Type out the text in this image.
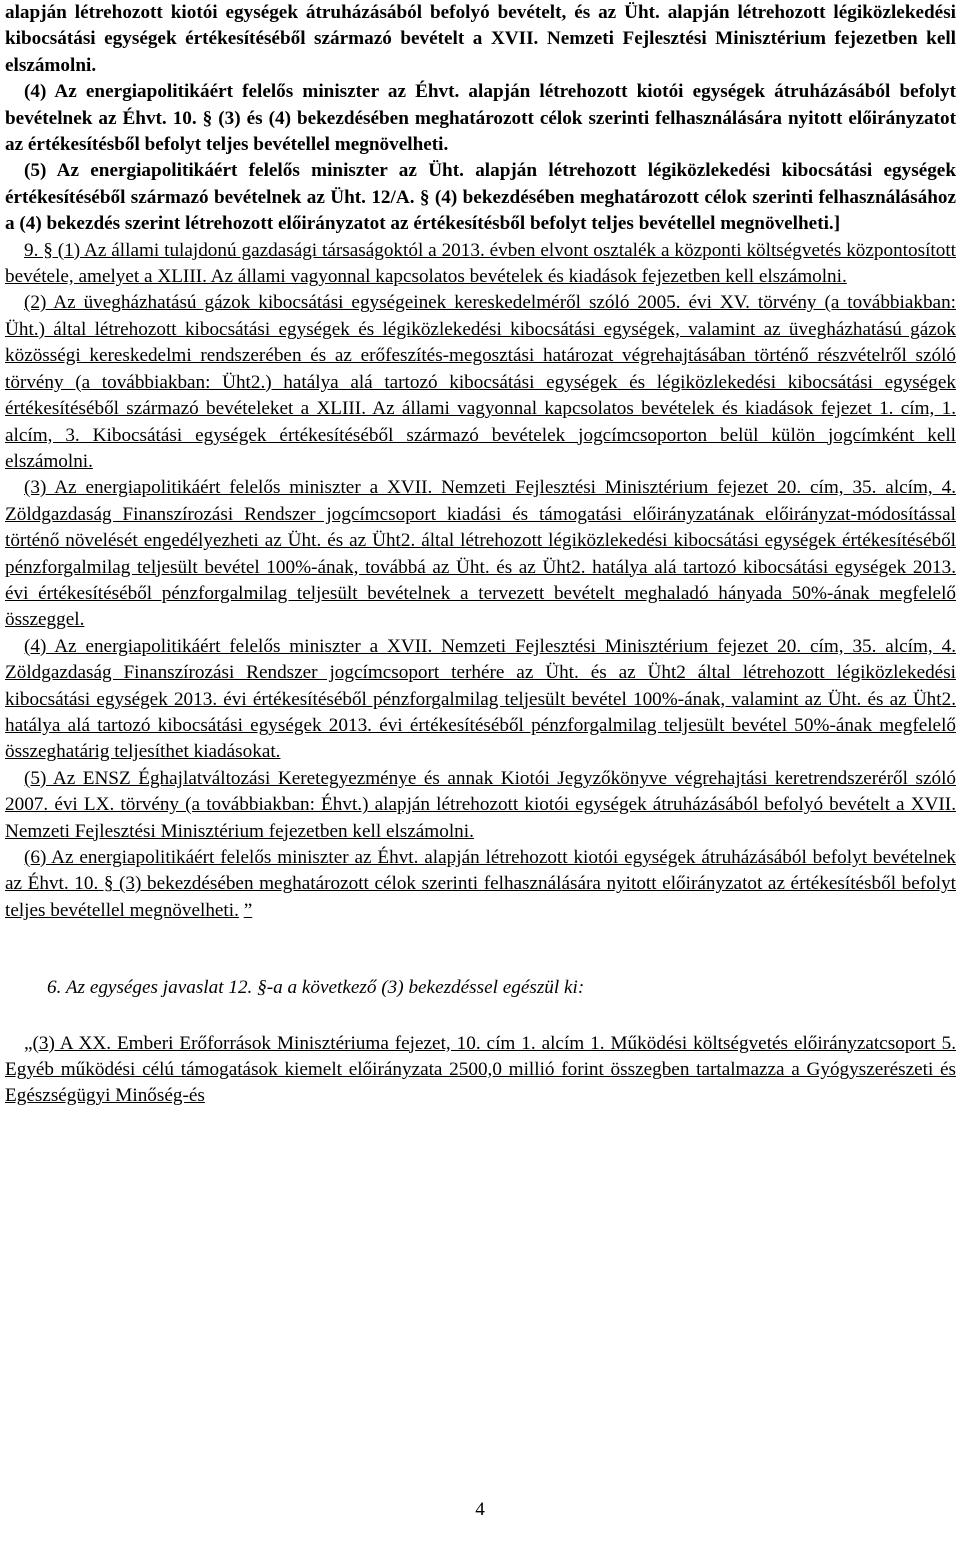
alapján létrehozott kiotói egységek átruházásából befolyó bevételt, és az Üht. alapján létrehozott légiközlekedési kibocsátási egységek értékesítéséből származó bevételt a XVII. Nemzeti Fejlesztési Minisztérium fejezetben kell elszámolni.

(4) Az energiapolitikáért felelős miniszter az Éhvt. alapján létrehozott kiotói egységek átruházásából befolyt bevételnek az Éhvt. 10. § (3) és (4) bekezdésében meghatározott célok szerinti felhasználására nyitott előirányzatot az értékesítésből befolyt teljes bevétellel megnövelheti.

(5) Az energiapolitikáért felelős miniszter az Üht. alapján létrehozott légiközlekedési kibocsátási egységek értékesítéséből származó bevételnek az Üht. 12/A. § (4) bekezdésében meghatározott célok szerinti felhasználásához a (4) bekezdés szerint létrehozott előirányzatot az értékesítésből befolyt teljes bevétellel megnövelheti.]

9. § (1) Az állami tulajdonú gazdasági társaságoktól a 2013. évben elvont osztalék a központi költségvetés központosított bevétele, amelyet a XLIII. Az állami vagyonnal kapcsolatos bevételek és kiadások fejezetben kell elszámolni.

(2) Az üvegházhatású gázok kibocsátási egységeinek kereskedelméről szóló 2005. évi XV. törvény (a továbbiakban: Üht.) által létrehozott kibocsátási egységek és légiközlekedési kibocsátási egységek, valamint az üvegházhatású gázok közösségi kereskedelmi rendszerében és az erőfeszítés-megosztási határozat végrehajtásában történő részvételről szóló törvény (a továbbiakban: Üht2.) hatálya alá tartozó kibocsátási egységek és légiközlekedési kibocsátási egységek értékesítéséből származó bevételeket a XLIII. Az állami vagyonnal kapcsolatos bevételek és kiadások fejezet 1. cím, 1. alcím, 3. Kibocsátási egységek értékesítéséből származó bevételek jogcímcsoporton belül külön jogcímként kell elszámolni.

(3) Az energiapolitikáért felelős miniszter a XVII. Nemzeti Fejlesztési Minisztérium fejezet 20. cím, 35. alcím, 4. Zöldgazdaság Finanszírozási Rendszer jogcímcsoport kiadási és támogatási előirányzatának előirányzat-módosítással történő növelését engedélyezheti az Üht. és az Üht2. által létrehozott légiközlekedési kibocsátási egységek értékesítéséből pénzforgalmilag teljesült bevétel 100%-ának, továbbá az Üht. és az Üht2. hatálya alá tartozó kibocsátási egységek 2013. évi értékesítéséből pénzforgalmilag teljesült bevételnek a tervezett bevételt meghaladó hányada 50%-ának megfelelő összeggel.

(4) Az energiapolitikáért felelős miniszter a XVII. Nemzeti Fejlesztési Minisztérium fejezet 20. cím, 35. alcím, 4. Zöldgazdaság Finanszírozási Rendszer jogcímcsoport terhére az Üht. és az Üht2 által létrehozott légiközlekedési kibocsátási egységek 2013. évi értékesítéséből pénzforgalmilag teljesült bevétel 100%-ának, valamint az Üht. és az Üht2. hatálya alá tartozó kibocsátási egységek 2013. évi értékesítéséből pénzforgalmilag teljesült bevétel 50%-ának megfelelő összeghatárig teljesíthet kiadásokat.

(5) Az ENSZ Éghajlatváltozási Keretegyezménye és annak Kiotói Jegyzőkönyve végrehajtási keretrendszeréről szóló 2007. évi LX. törvény (a továbbiakban: Éhvt.) alapján létrehozott kiotói egységek átruházásából befolyó bevételt a XVII. Nemzeti Fejlesztési Minisztérium fejezetben kell elszámolni.

(6) Az energiapolitikáért felelős miniszter az Éhvt. alapján létrehozott kiotói egységek átruházásából befolyt bevételnek az Éhvt. 10. § (3) bekezdésében meghatározott célok szerinti felhasználására nyitott előirányzatot az értékesítésből befolyt teljes bevétellel megnövelheti. ”

6. Az egységes javaslat 12. §-a a következő (3) bekezdéssel egészül ki:

„(3) A XX. Emberi Erőforrások Minisztériuma fejezet, 10. cím 1. alcím 1. Működési költségvetés előirányzatcsoport 5. Egyéb működési célú támogatások kiemelt előirányzata 2500,0 millió forint összegben tartalmazza a Gyógyszerészeti és Egészségügyi Minőség-és

4
